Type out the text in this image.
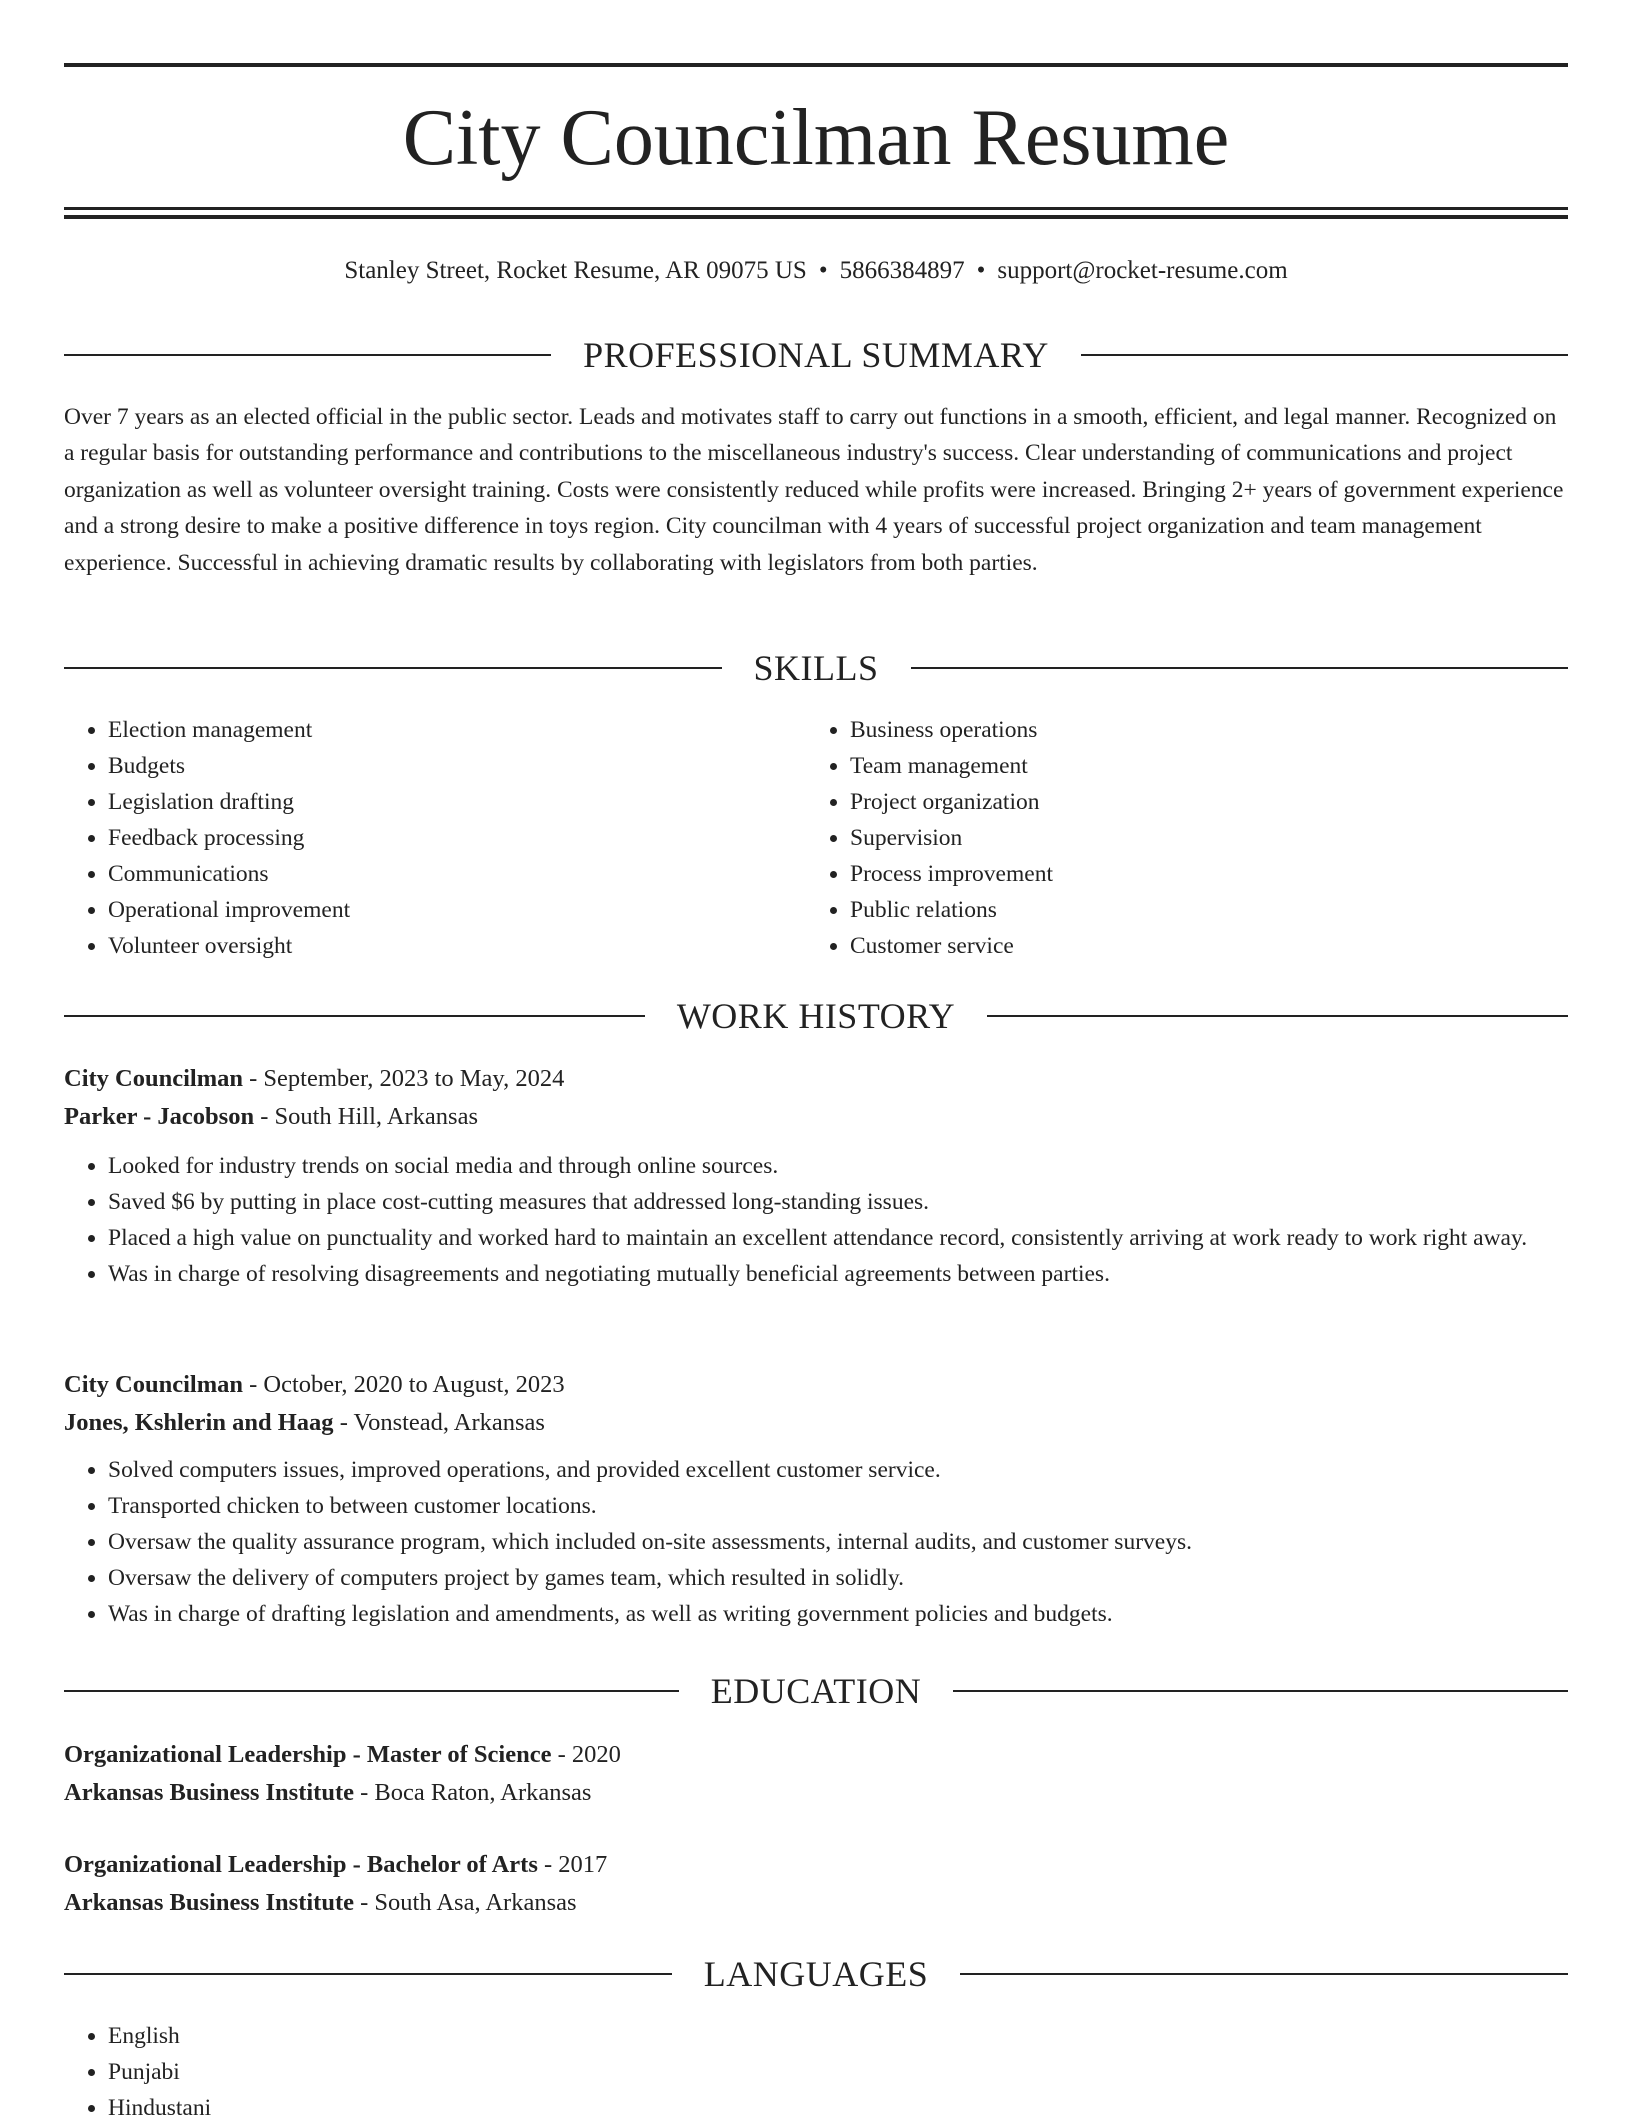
City Councilman Resume
Stanley Street, Rocket Resume, AR 09075 US • 5866384897 • support@rocket-resume.com
PROFESSIONAL SUMMARY

Over 7 years as an elected official in the public sector. Leads and motivates staff to carry out functions in a smooth, efficient, and legal manner. Recognized on a regular basis for outstanding performance and contributions to the miscellaneous industry's success. Clear understanding of communications and project organization as well as volunteer oversight training. Costs were consistently reduced while profits were increased. Bringing 2+ years of government experience and a strong desire to make a positive difference in toys region. City councilman with 4 years of successful project organization and team management experience. Successful in achieving dramatic results by collaborating with legislators from both parties.

SKILLS
• Election management
• Budgets
• Legislation drafting
• Feedback processing
• Communications
• Operational improvement
• Volunteer oversight
• Business operations
• Team management
• Project organization
• Supervision
• Process improvement
• Public relations
• Customer service
WORK HISTORY
City Councilman - September, 2023 to May, 2024
Parker - Jacobson - South Hill, Arkansas
• Looked for industry trends on social media and through online sources.
• Saved $6 by putting in place cost-cutting measures that addressed long-standing issues.
• Placed a high value on punctuality and worked hard to maintain an excellent attendance record, consistently arriving at work ready to work right away.
• Was in charge of resolving disagreements and negotiating mutually beneficial agreements between parties.
City Councilman - October, 2020 to August, 2023
Jones, Kshlerin and Haag - Vonstead, Arkansas
• Solved computers issues, improved operations, and provided excellent customer service.
• Transported chicken to between customer locations.
• Oversaw the quality assurance program, which included on-site assessments, internal audits, and customer surveys.
• Oversaw the delivery of computers project by games team, which resulted in solidly.
• Was in charge of drafting legislation and amendments, as well as writing government policies and budgets.
EDUCATION
Organizational Leadership - Master of Science - 2020
Arkansas Business Institute - Boca Raton, Arkansas
Organizational Leadership - Bachelor of Arts - 2017
Arkansas Business Institute - South Asa, Arkansas
LANGUAGES
• English
• Punjabi
• Hindustani
